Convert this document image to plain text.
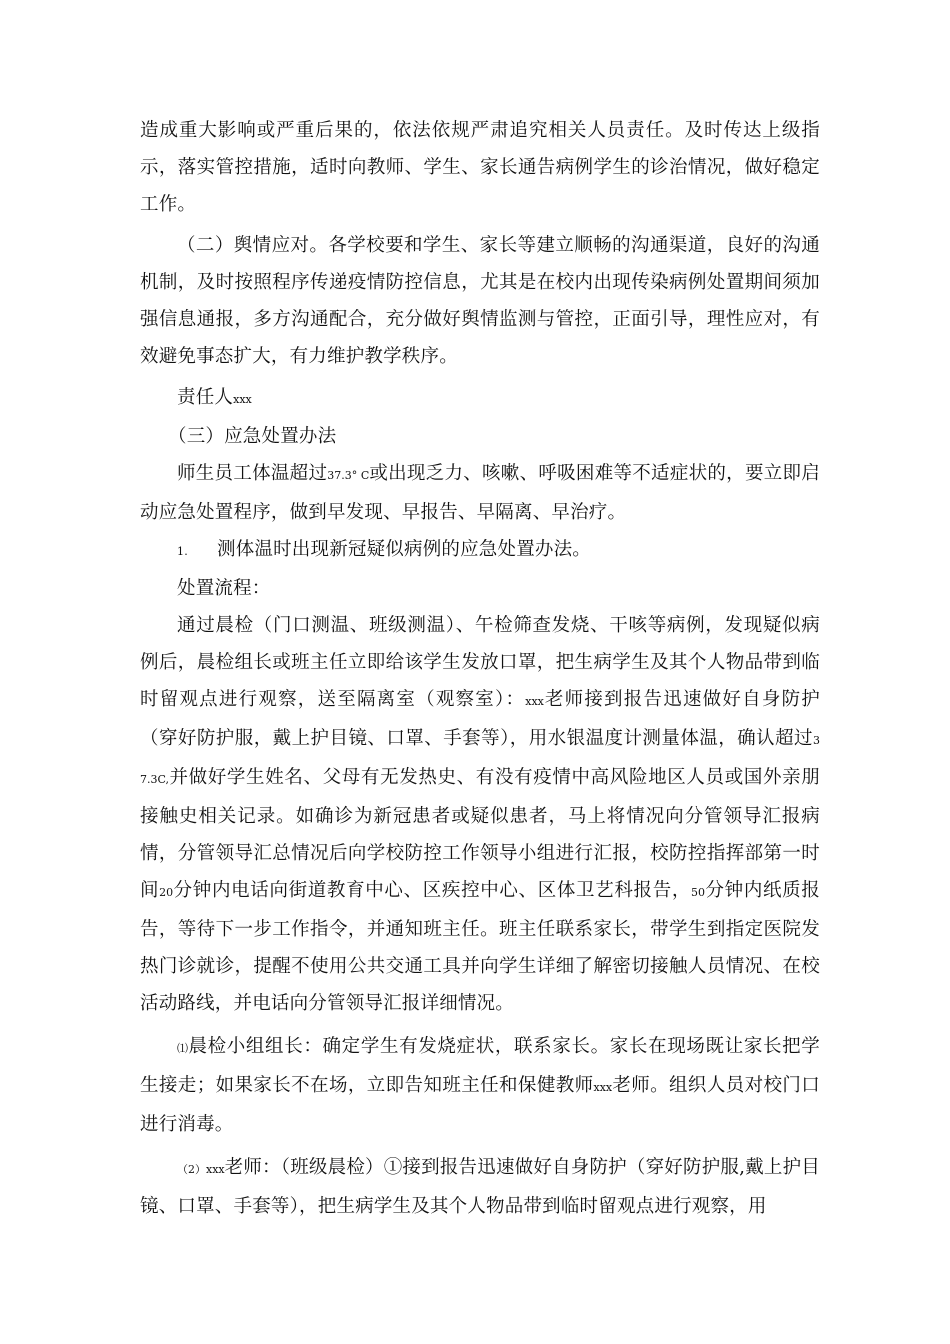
造成重大影响或严重后果的，依法依规严肃追究相关人员责任。及时传达上级指示，落实管控措施，适时向教师、学生、家长通告病例学生的诊治情况，做好稳定工作。

（二）舆情应对。各学校要和学生、家长等建立顺畅的沟通渠道，良好的沟通机制，及时按照程序传递疫情防控信息，尤其是在校内出现传染病例处置期间须加强信息通报，多方沟通配合，充分做好舆情监测与管控，正面引导，理性应对，有效避免事态扩大，有力维护教学秩序。

责任人xxx

（三）应急处置办法

师生员工体温超过37.3° C或出现乏力、咳嗽、呼吸困难等不适症状的，要立即启动应急处置程序，做到早发现、早报告、早隔离、早治疗。

1. 测体温时出现新冠疑似病例的应急处置办法。

处置流程：

通过晨检（门口测温、班级测温）、午检筛查发烧、干咳等病例，发现疑似病例后，晨检组长或班主任立即给该学生发放口罩，把生病学生及其个人物品带到临时留观点进行观察，送至隔离室（观察室）：xxx老师接到报告迅速做好自身防护（穿好防护服，戴上护目镜、口罩、手套等），用水银温度计测量体温，确认超过37.3C,并做好学生姓名、父母有无发热史、有没有疫情中高风险地区人员或国外亲朋接触史相关记录。如确诊为新冠患者或疑似患者，马上将情况向分管领导汇报病情，分管领导汇总情况后向学校防控工作领导小组进行汇报，校防控指挥部第一时间20分钟内电话向街道教育中心、区疾控中心、区体卫艺科报告，50分钟内纸质报告，等待下一步工作指令，并通知班主任。班主任联系家长，带学生到指定医院发热门诊就诊，提醒不使用公共交通工具并向学生详细了解密切接触人员情况、在校活动路线，并电话向分管领导汇报详细情况。

⑴晨检小组组长：确定学生有发烧症状，联系家长。家长在现场既让家长把学生接走；如果家长不在场，立即告知班主任和保健教师xxx老师。组织人员对校门口进行消毒。

（2）xxx老师：（班级晨检）①接到报告迅速做好自身防护（穿好防护服,戴上护目镜、口罩、手套等），把生病学生及其个人物品带到临时留观点进行观察，用
